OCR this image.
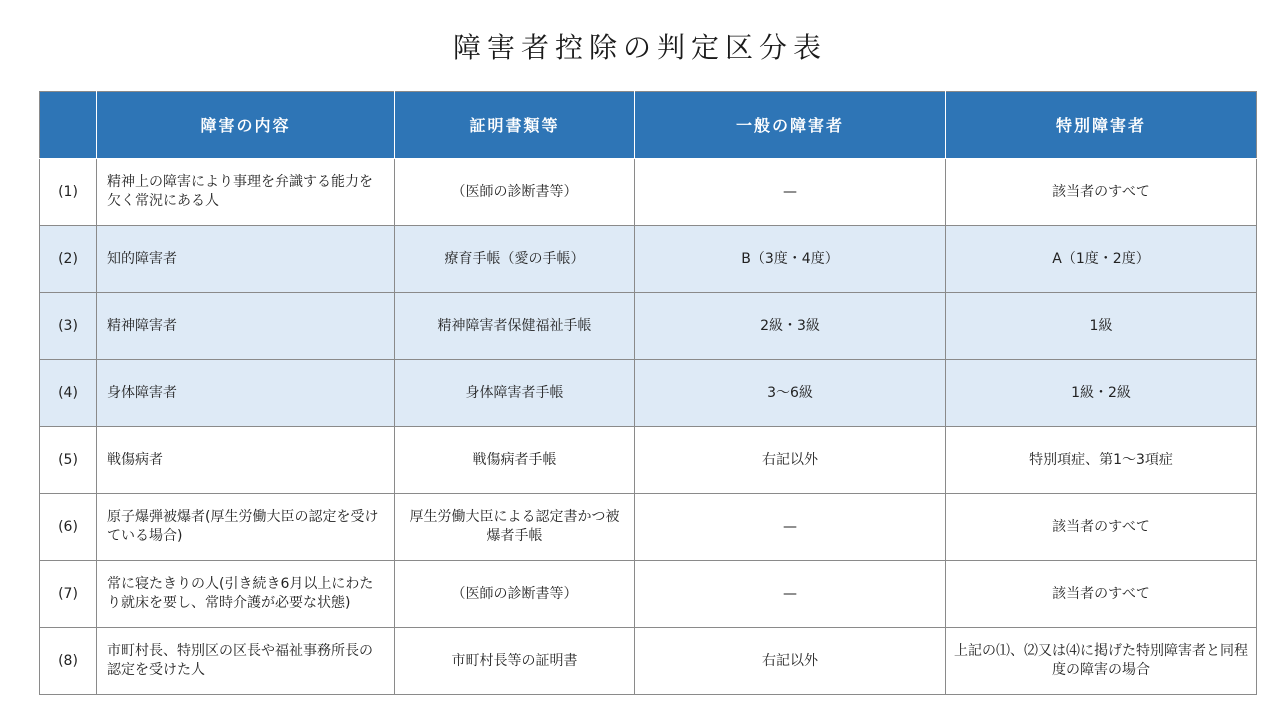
障害者控除の判定区分表
	障害の内容	証明書類等	一般の障害者	特別障害者
(1)	精神上の障害により事理を弁識する能力を欠く常況にある人	（医師の診断書等）	—	該当者のすべて
(2)	知的障害者	療育手帳（愛の手帳）	B（3度・4度）	A（1度・2度）
(3)	精神障害者	精神障害者保健福祉手帳	2級・3級	1級
(4)	身体障害者	身体障害者手帳	3～6級	1級・2級
(5)	戦傷病者	戦傷病者手帳	右記以外	特別項症、第1～3項症
(6)	原子爆弾被爆者(厚生労働大臣の認定を受けている場合)	厚生労働大臣による認定書かつ被爆者手帳	—	該当者のすべて
(7)	常に寝たきりの人(引き続き6月以上にわたり就床を要し、常時介護が必要な状態)	（医師の診断書等）	—	該当者のすべて
(8)	市町村長、特別区の区長や福祉事務所長の認定を受けた人	市町村長等の証明書	右記以外	上記の⑴、⑵又は⑷に掲げた特別障害者と同程度の障害の場合
